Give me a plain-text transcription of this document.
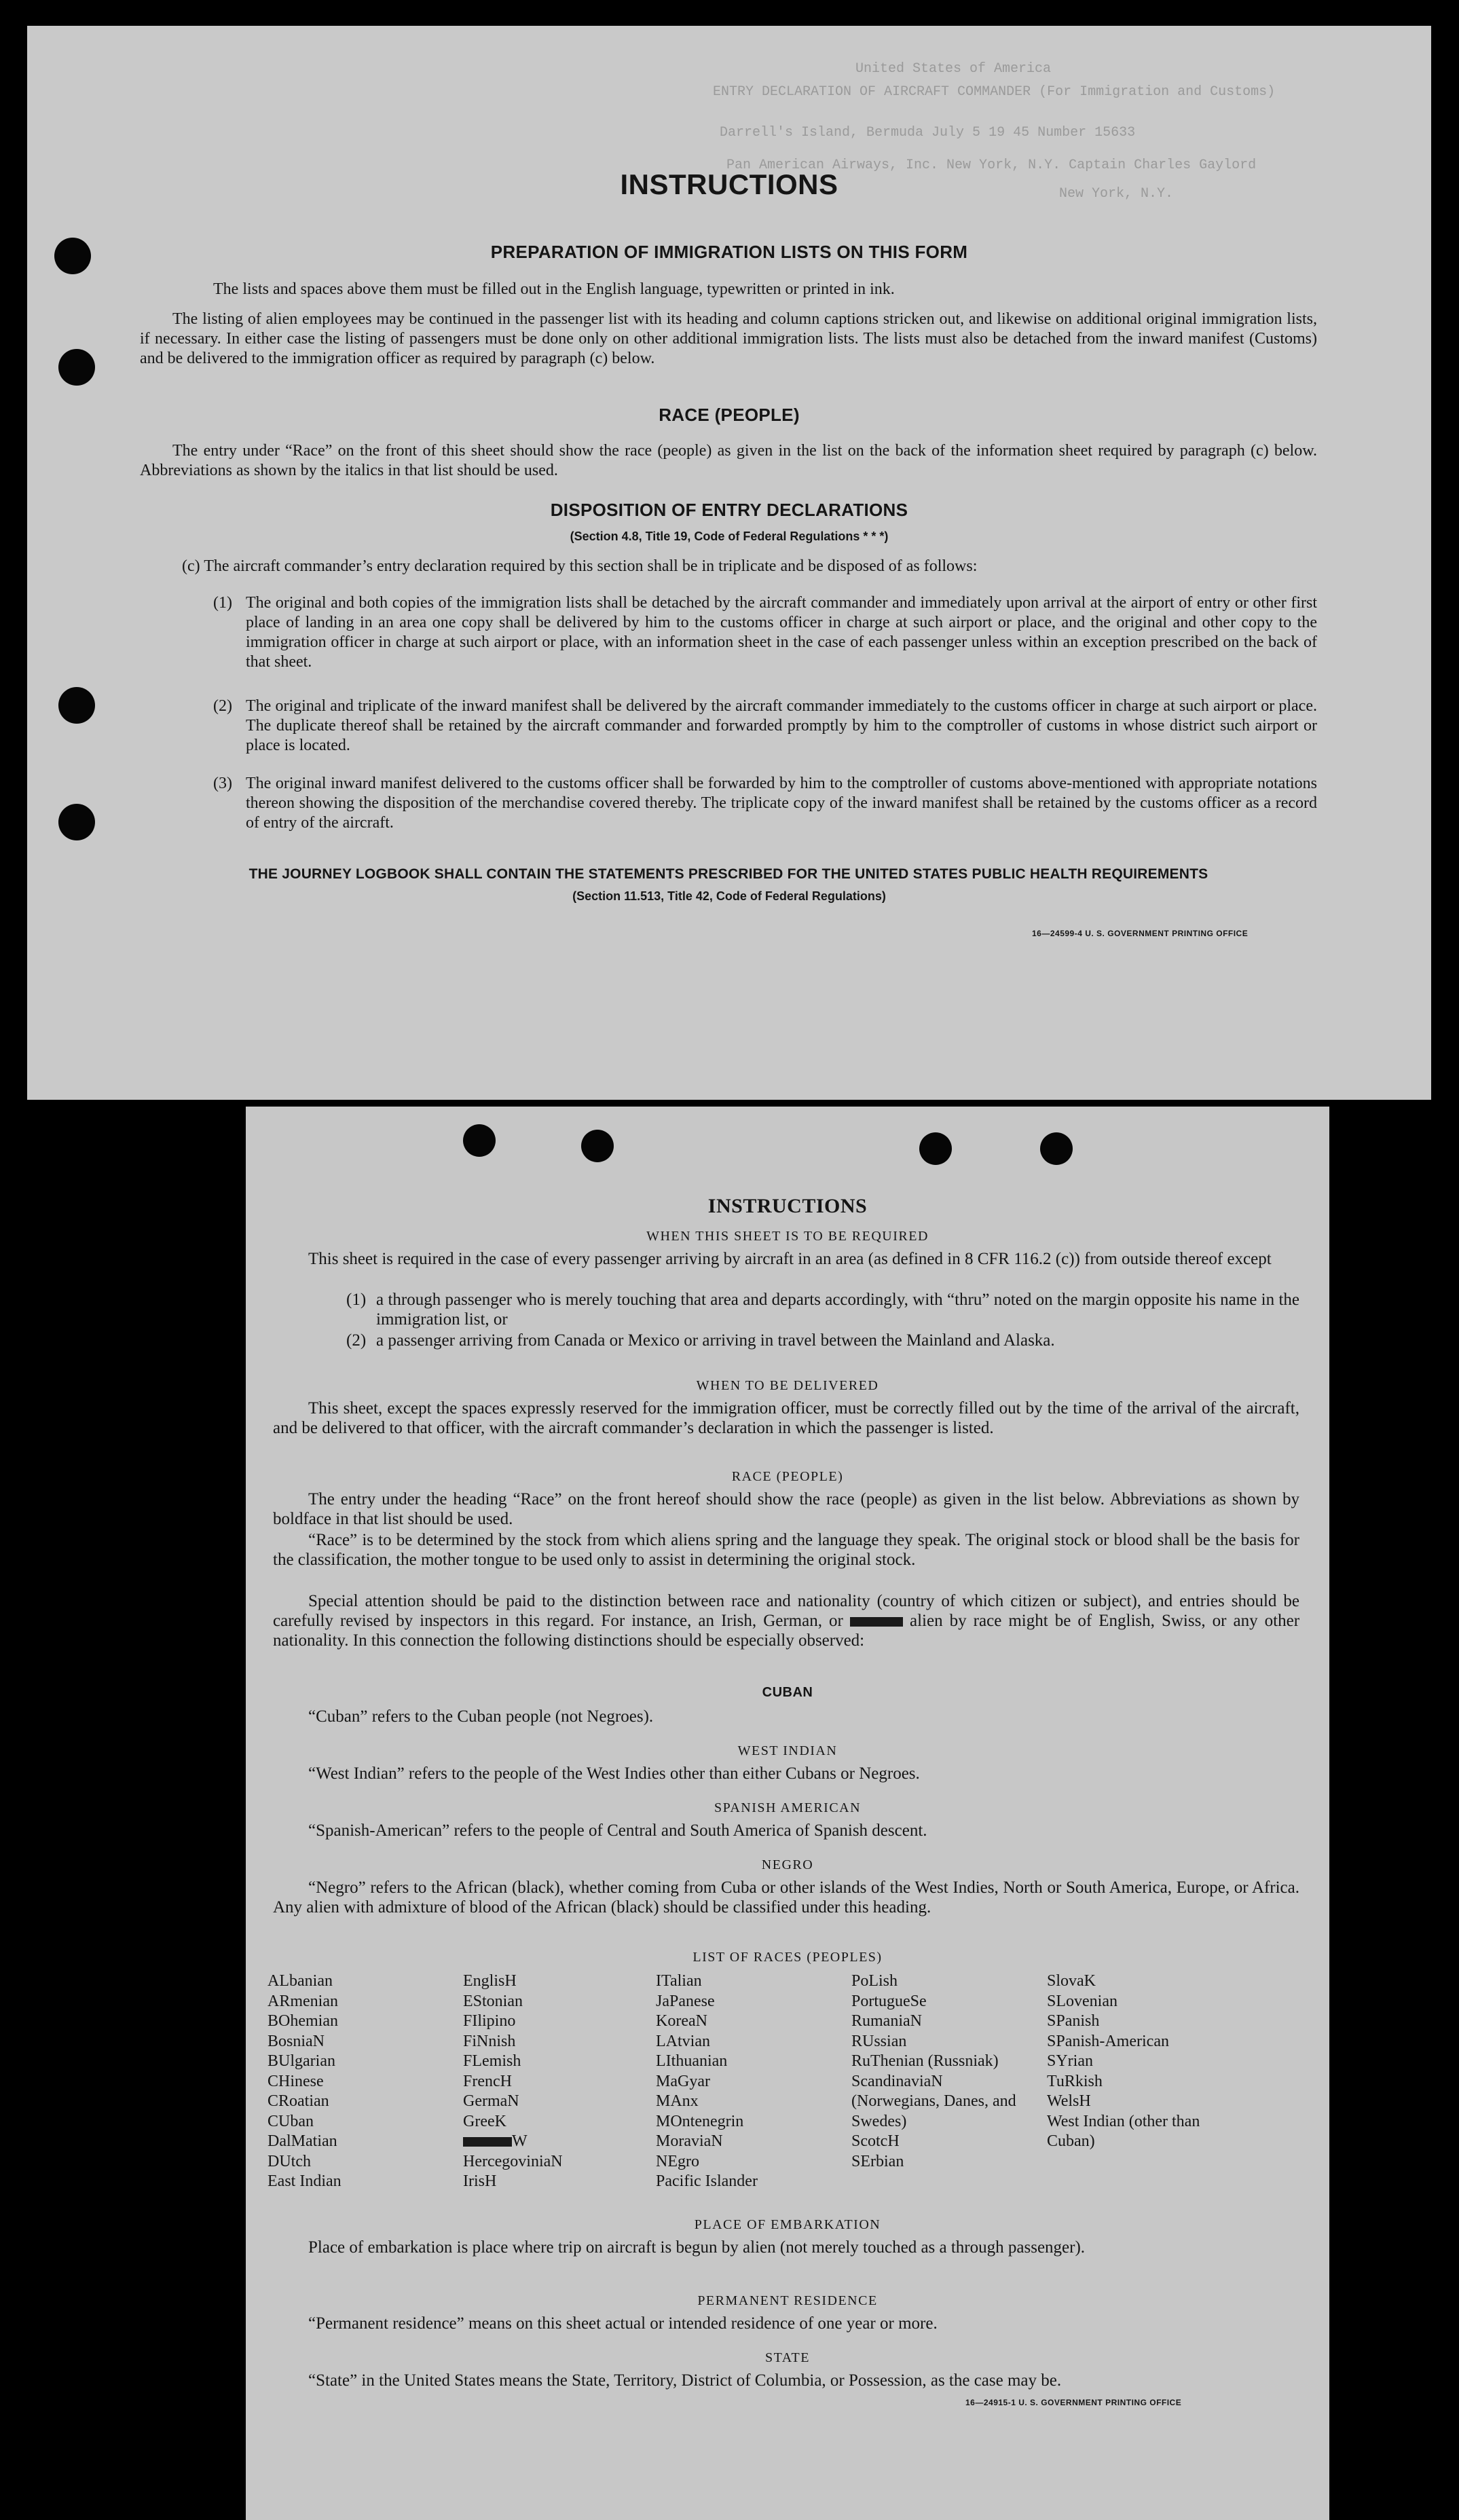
United States of America
ENTRY DECLARATION OF AIRCRAFT COMMANDER (For Immigration and Customs)
Darrell's Island, Bermuda July 5 19 45 Number 15633
Pan American Airways, Inc. New York, N.Y. Captain Charles Gaylord
New York, N.Y.
INSTRUCTIONS
PREPARATION OF IMMIGRATION LISTS ON THIS FORM
The lists and spaces above them must be filled out in the English language, typewritten or printed in ink.
The listing of alien employees may be continued in the passenger list with its heading and column captions stricken out, and likewise on additional original immigration lists, if necessary. In either case the listing of passengers must be done only on other additional immigration lists. The lists must also be detached from the inward manifest (Customs) and be delivered to the immigration officer as required by paragraph (c) below.
RACE (PEOPLE)
The entry under “Race” on the front of this sheet should show the race (people) as given in the list on the back of the information sheet required by paragraph (c) below. Abbreviations as shown by the italics in that list should be used.
DISPOSITION OF ENTRY DECLARATIONS
(Section 4.8, Title 19, Code of Federal Regulations * * *)
(c) The aircraft commander’s entry declaration required by this section shall be in triplicate and be disposed of as follows:
(1) The original and both copies of the immigration lists shall be detached by the aircraft commander and immediately upon arrival at the airport of entry or other first place of landing in an area one copy shall be delivered by him to the customs officer in charge at such airport or place, and the original and other copy to the immigration officer in charge at such airport or place, with an information sheet in the case of each passenger unless within an exception prescribed on the back of that sheet.
(2) The original and triplicate of the inward manifest shall be delivered by the aircraft commander immediately to the customs officer in charge at such airport or place. The duplicate thereof shall be retained by the aircraft commander and forwarded promptly by him to the comptroller of customs in whose district such airport or place is located.
(3) The original inward manifest delivered to the customs officer shall be forwarded by him to the comptroller of customs above-mentioned with appropriate notations thereon showing the disposition of the merchandise covered thereby. The triplicate copy of the inward manifest shall be retained by the customs officer as a record of entry of the aircraft.
THE JOURNEY LOGBOOK SHALL CONTAIN THE STATEMENTS PRESCRIBED FOR THE UNITED STATES PUBLIC HEALTH REQUIREMENTS
(Section 11.513, Title 42, Code of Federal Regulations)
16—24599-4 U. S. GOVERNMENT PRINTING OFFICE
INSTRUCTIONS
WHEN THIS SHEET IS TO BE REQUIRED
This sheet is required in the case of every passenger arriving by aircraft in an area (as defined in 8 CFR 116.2 (c)) from outside thereof except
(1) a through passenger who is merely touching that area and departs accordingly, with “thru” noted on the margin opposite his name in the immigration list, or
(2) a passenger arriving from Canada or Mexico or arriving in travel between the Mainland and Alaska.
WHEN TO BE DELIVERED
This sheet, except the spaces expressly reserved for the immigration officer, must be correctly filled out by the time of the arrival of the aircraft, and be delivered to that officer, with the aircraft commander’s declaration in which the passenger is listed.
RACE (PEOPLE)
The entry under the heading “Race” on the front hereof should show the race (people) as given in the list below. Abbreviations as shown by boldface in that list should be used.
“Race” is to be determined by the stock from which aliens spring and the language they speak. The original stock or blood shall be the basis for the classification, the mother tongue to be used only to assist in determining the original stock.
Special attention should be paid to the distinction between race and nationality (country of which citizen or subject), and entries should be carefully revised by inspectors in this regard. For instance, an Irish, German, or	alien by race might be of English, Swiss, or any other nationality. In this connection the following distinctions should be especially observed:
CUBAN
“Cuban” refers to the Cuban people (not Negroes).
WEST INDIAN
“West Indian” refers to the people of the West Indies other than either Cubans or Negroes.
SPANISH AMERICAN
“Spanish-American” refers to the people of Central and South America of Spanish descent.
NEGRO
“Negro” refers to the African (black), whether coming from Cuba or other islands of the West Indies, North or South America, Europe, or Africa. Any alien with admixture of blood of the African (black) should be classified under this heading.
LIST OF RACES (PEOPLES)
ALbanian
ARmenian
BOhemian
BosniaN
BUlgarian
CHinese
CRoatian
CUban
DalMatian
DUtch
East Indian
EnglisH
EStonian
FIlipino
FiNnish
FLemish
FrencH
GermaN
GreeK
W
HercegoviniaN
IrisH
ITalian
JaPanese
KoreaN
LAtvian
LIthuanian
MaGyar
MAnx
MOntenegrin
MoraviaN
NEgro
Pacific Islander
PoLish
PortugueSe
RumaniaN
RUssian
RuThenian (Russniak)
ScandinaviaN (Norwegians, Danes, and Swedes)
ScotcH
SErbian
SlovaK
SLovenian
SPanish
SPanish-American
SYrian
TuRkish
WelsH
West Indian (other than Cuban)
PLACE OF EMBARKATION
Place of embarkation is place where trip on aircraft is begun by alien (not merely touched as a through passenger).
PERMANENT RESIDENCE
“Permanent residence” means on this sheet actual or intended residence of one year or more.
STATE
“State” in the United States means the State, Territory, District of Columbia, or Possession, as the case may be.
16—24915-1 U. S. GOVERNMENT PRINTING OFFICE
